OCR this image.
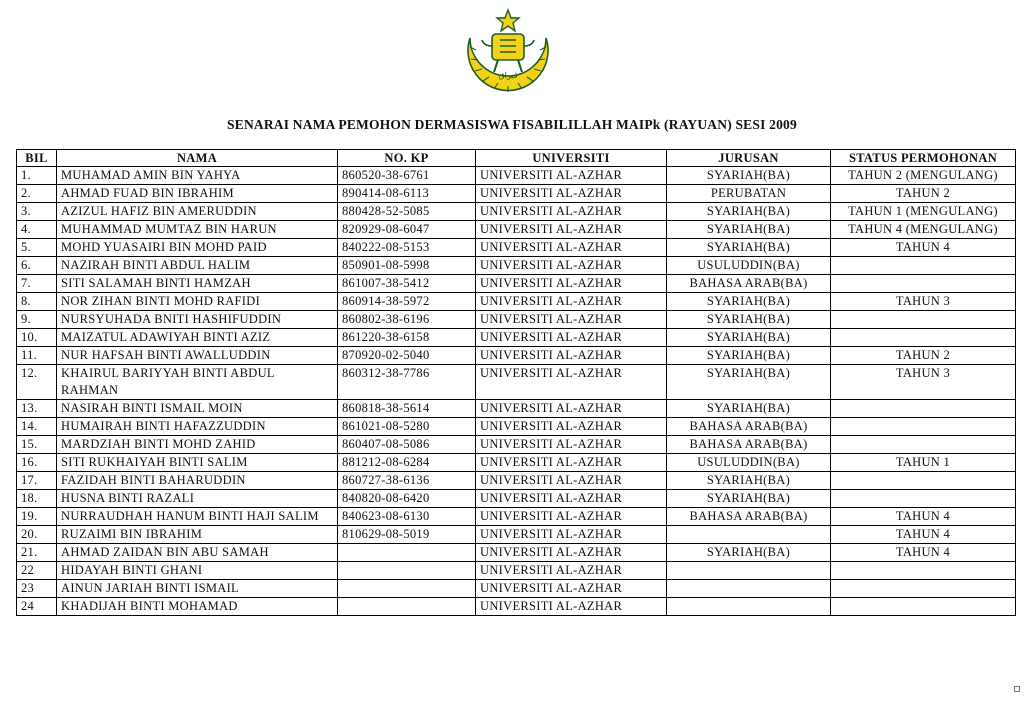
ڤيراق
SENARAI NAMA PEMOHON DERMASISWA FISABILILLAH MAIPk (RAYUAN) SESI 2009
BIL	NAMA	NO. KP	UNIVERSITI	JURUSAN	STATUS PERMOHONAN
1.	MUHAMAD AMIN BIN YAHYA	860520-38-6761	UNIVERSITI AL-AZHAR	SYARIAH(BA)	TAHUN 2 (MENGULANG)
2.	AHMAD FUAD BIN IBRAHIM	890414-08-6113	UNIVERSITI AL-AZHAR	PERUBATAN	TAHUN 2
3.	AZIZUL HAFIZ BIN AMERUDDIN	880428-52-5085	UNIVERSITI AL-AZHAR	SYARIAH(BA)	TAHUN 1 (MENGULANG)
4.	MUHAMMAD MUMTAZ BIN HARUN	820929-08-6047	UNIVERSITI AL-AZHAR	SYARIAH(BA)	TAHUN 4 (MENGULANG)
5.	MOHD YUASAIRI BIN MOHD PAID	840222-08-5153	UNIVERSITI AL-AZHAR	SYARIAH(BA)	TAHUN 4
6.	NAZIRAH BINTI ABDUL HALIM	850901-08-5998	UNIVERSITI AL-AZHAR	USULUDDIN(BA)	
7.	SITI SALAMAH BINTI HAMZAH	861007-38-5412	UNIVERSITI AL-AZHAR	BAHASA ARAB(BA)	
8.	NOR ZIHAN BINTI MOHD RAFIDI	860914-38-5972	UNIVERSITI AL-AZHAR	SYARIAH(BA)	TAHUN 3
9.	NURSYUHADA BNITI HASHIFUDDIN	860802-38-6196	UNIVERSITI AL-AZHAR	SYARIAH(BA)	
10.	MAIZATUL ADAWIYAH BINTI AZIZ	861220-38-6158	UNIVERSITI AL-AZHAR	SYARIAH(BA)	
11.	NUR HAFSAH BINTI AWALLUDDIN	870920-02-5040	UNIVERSITI AL-AZHAR	SYARIAH(BA)	TAHUN 2
12.	KHAIRUL BARIYYAH BINTI ABDUL RAHMAN	860312-38-7786	UNIVERSITI AL-AZHAR	SYARIAH(BA)	TAHUN 3
13.	NASIRAH BINTI ISMAIL MOIN	860818-38-5614	UNIVERSITI AL-AZHAR	SYARIAH(BA)	
14.	HUMAIRAH BINTI HAFAZZUDDIN	861021-08-5280	UNIVERSITI AL-AZHAR	BAHASA ARAB(BA)	
15.	MARDZIAH BINTI MOHD ZAHID	860407-08-5086	UNIVERSITI AL-AZHAR	BAHASA ARAB(BA)	
16.	SITI RUKHAIYAH BINTI SALIM	881212-08-6284	UNIVERSITI AL-AZHAR	USULUDDIN(BA)	TAHUN 1
17.	FAZIDAH BINTI BAHARUDDIN	860727-38-6136	UNIVERSITI AL-AZHAR	SYARIAH(BA)	
18.	HUSNA BINTI RAZALI	840820-08-6420	UNIVERSITI AL-AZHAR	SYARIAH(BA)	
19.	NURRAUDHAH HANUM BINTI HAJI SALIM	840623-08-6130	UNIVERSITI AL-AZHAR	BAHASA ARAB(BA)	TAHUN 4
20.	RUZAIMI BIN IBRAHIM	810629-08-5019	UNIVERSITI AL-AZHAR		TAHUN 4
21.	AHMAD ZAIDAN BIN ABU SAMAH		UNIVERSITI AL-AZHAR	SYARIAH(BA)	TAHUN 4
22	HIDAYAH BINTI GHANI		UNIVERSITI AL-AZHAR		
23	AINUN JARIAH BINTI ISMAIL		UNIVERSITI AL-AZHAR		
24	KHADIJAH BINTI MOHAMAD		UNIVERSITI AL-AZHAR		
